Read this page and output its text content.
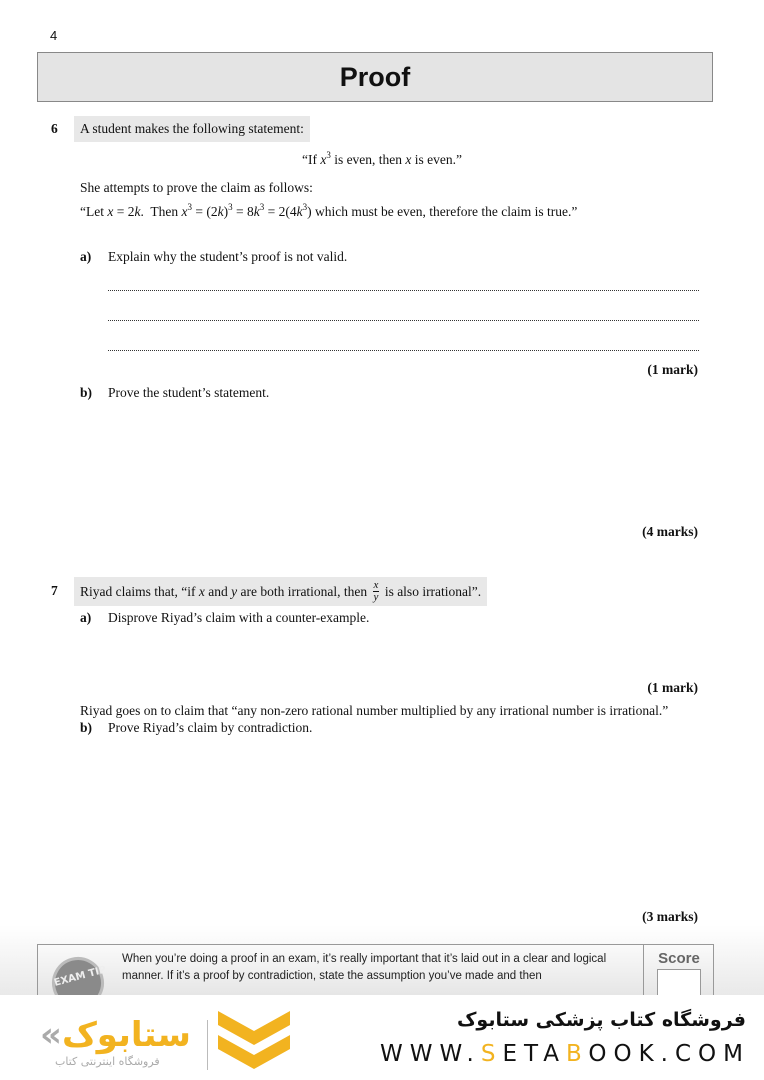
4
Proof
6	A student makes the following statement:
“If $x^3$ is even, then x is even.”
She attempts to prove the claim as follows:
“Let x = 2k.  Then $x^3 = (2k)^3 = 8k^3 = 2(4k^3)$ which must be even, therefore the claim is true.”
a) Explain why the student’s proof is not valid.
(1 mark)
b) Prove the student’s statement.
(4 marks)
7 Riyad claims that, “if x and y are both irrational, then $\frac{x}{y}$ is also irrational”.
a) Disprove Riyad’s claim with a counter-example.
(1 mark)
Riyad goes on to claim that “any non-zero rational number multiplied by any irrational number is irrational.”
b) Prove Riyad’s claim by contradiction.
(3 marks)
EXAM TIP
When you’re doing a proof in an exam, it’s really important that it’s laid out in a clear and logical manner. If it’s a proof by contradiction, state the assumption you’ve made and then
Score
«ستابوک
فروشگاه اینترنتی کتاب
فروشگاه کتاب پزشکی ستابوک
WWW.SETABOOK.COM
